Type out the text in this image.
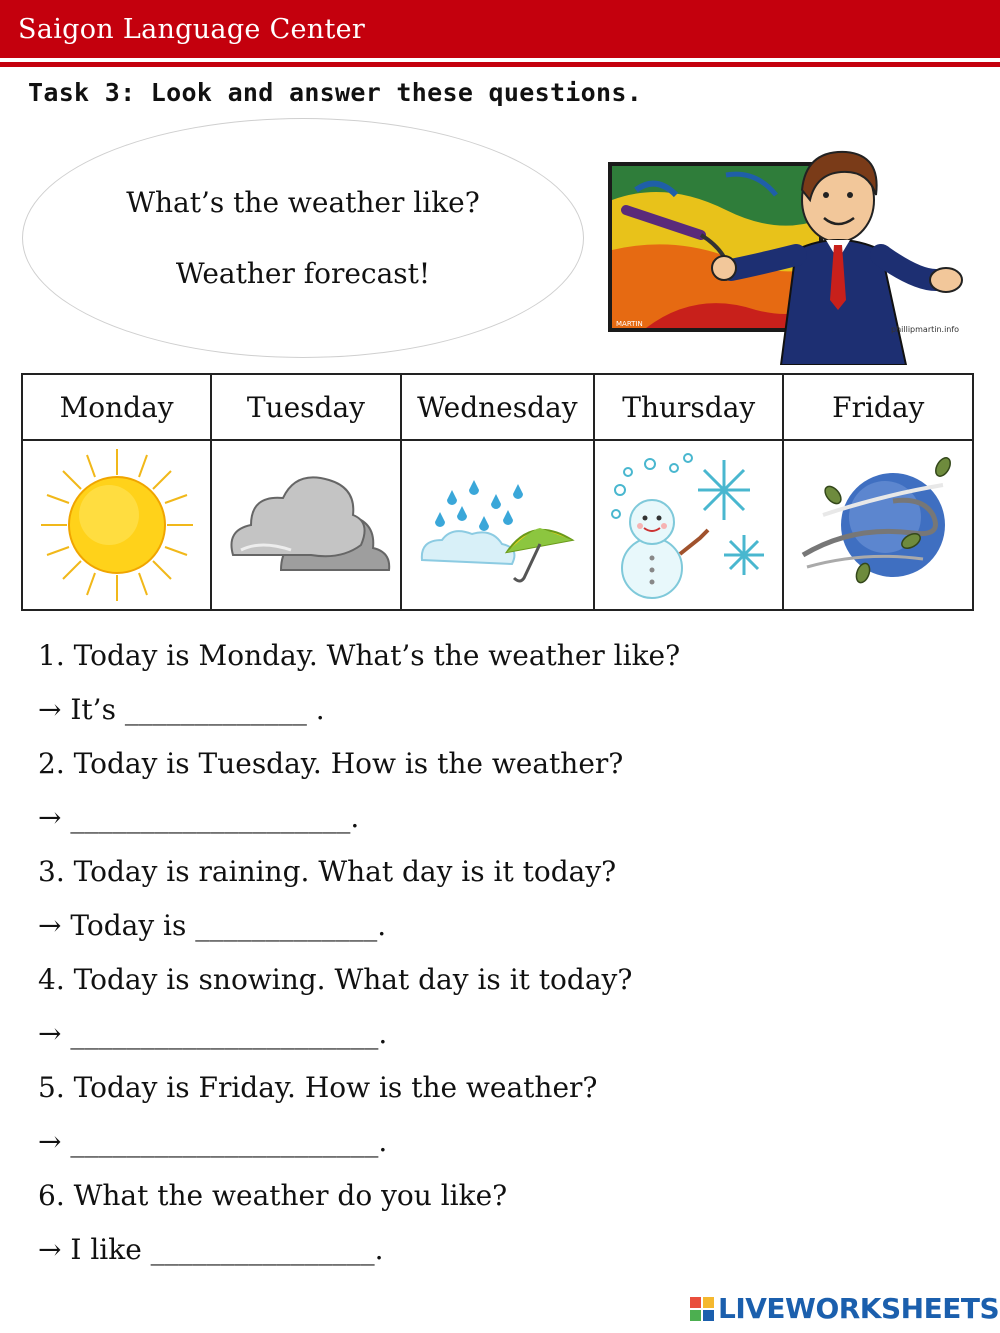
Saigon Language Center
Task 3: Look and answer these questions.
What’s the weather like?
Weather forecast!
MARTIN
phillipmartin.info
Monday	Tuesday	Wednesday	Thursday	Friday

1. Today is Monday. What’s the weather like?
→ It’s _____________ .
2. Today is Tuesday. How is the weather?
→ ____________________.
3. Today is raining. What day is it today?
→ Today is _____________.
4. Today is snowing. What day is it today?
→ ______________________.
5. Today is Friday. How is the weather?
→ ______________________.
6. What the weather do you like?
→ I like ________________.
LIVEWORKSHEETS
